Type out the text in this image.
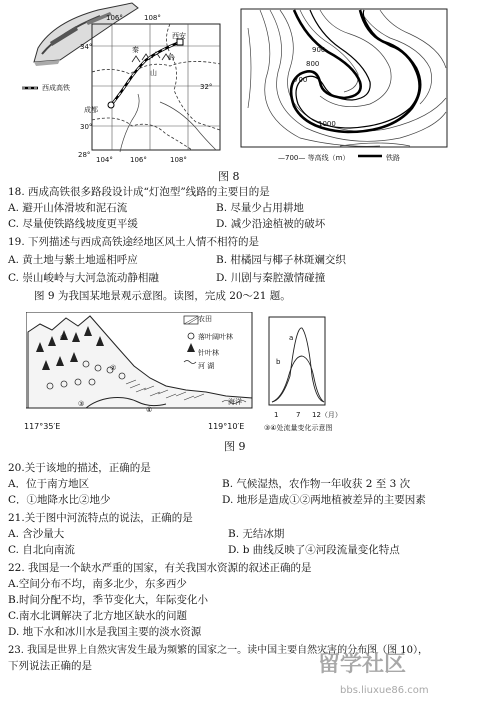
106°	108°
34°
32°
30°
28°
104° 106°	108°
西安
秦
岭
山
成都
西成高铁
900
800
700
1000
—700— 等高线（m）	铁路
图 8
18. 西成高铁很多路段设计成“灯泡型”线路的主要目的是
A. 避开山体滑坡和泥石流	B. 尽量少占用耕地
C. 尽量使铁路线坡度更平缓	D. 减少沿途植被的破坏
19. 下列描述与西成高铁途经地区风土人情不相符的是
A. 黄土地与紫土地遥相呼应	B. 柑橘园与椰子林斑斓交织
C. 崇山峻岭与大河急流动静相融	D. 川剧与秦腔激情碰撞
图 9 为我国某地景观示意图。读图，完成 20～21 题。
农田
落叶阔叶林
针叶林
河 湖
海洋
①
②
③
④
117°35′E	119°10′E
a
b
1	7 12（月）
③④处流量变化示意图
图 9
20.关于该地的描述，正确的是
A．位于南方地区	B. 气候湿热，农作物一年收获 2 至 3 次
C．①地降水比②地少	D. 地形是造成①②两地植被差异的主要因素
21.关于图中河流特点的说法，正确的是
A. 含沙量大	B. 无结冰期
C. 自北向南流	D. b 曲线反映了④河段流量变化特点
22. 我国是一个缺水严重的国家，有关我国水资源的叙述正确的是
A.空间分布不均，南多北少，东多西少
B.时间分配不均，季节变化大，年际变化小
C.南水北调解决了北方地区缺水的问题
D. 地下水和冰川水是我国主要的淡水资源
23. 我国是世界上自然灾害发生最为频繁的国家之一。读中国主要自然灾害的分布图（图 10），
下列说法正确的是	留学社区
bbs.liuxue86.com
